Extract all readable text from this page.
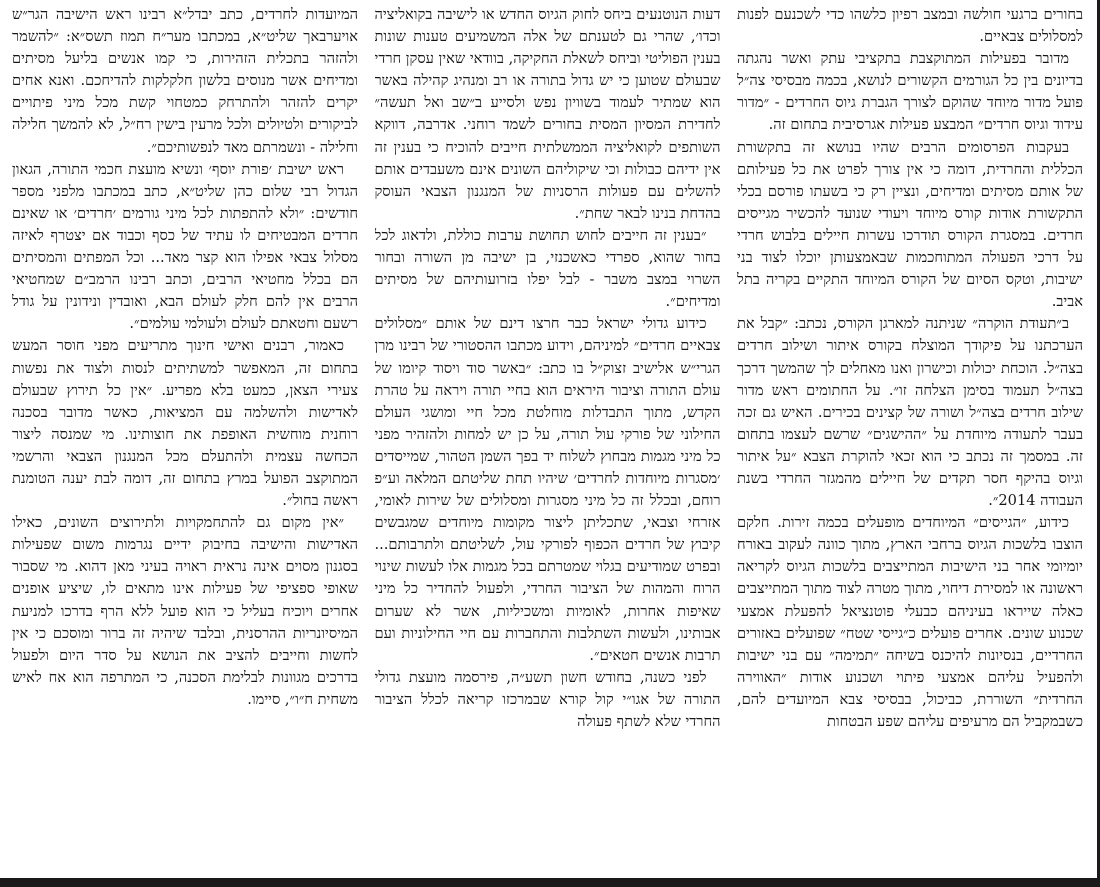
בחורים ברגעי חולשה ובמצב רפיון כלשהו כדי לשכנעם לפנות למסלולים צבאיים.

מדובר בפעילות המתוקצבת בתקציבי עתק ואשר נהגתה בדיונים בין כל הגורמים הקשורים לנושא, בכמה מבסיסי צה״ל פועל מדור מיוחד שהוקם לצורך הגברת גיוס החרדים - ״מדור עידוד וגיוס חרדים״ המבצע פעילות אגרסיבית בתחום זה.

בעקבות הפרסומים הרבים שהיו בנושא זה בתקשורת הכללית והחרדית, דומה כי אין צורך לפרט את כל פעילותם של אותם מסיתים ומדיחים, ונציין רק כי בשעתו פורסם בכלי התקשורת אודות קורס מיוחד ויעודי שנועד להכשיר מגייסים חרדים. במסגרת הקורס תודרכו עשרות חיילים בלבוש חרדי על דרכי הפעולה המתוחכמות שבאמצעותן יוכלו לצוד בני ישיבות, וטקס הסיום של הקורס המיוחד התקיים בקריה בתל אביב.

ב״תעודת הוקרה״ שניתנה למארגן הקורס, נכתב: ״קבל את הערכתנו על פיקודך המוצלח בקורס איתור ושילוב חרדים בצה״ל. הוכחת יכולות וכישרון ואנו מאחלים לך שהמשך דרכך בצה״ל תעמוד בסימן הצלחה זו״. על החתומים ראש מדור שילוב חרדים בצה״ל ושורה של קצינים בכירים. האיש גם זכה בעבר לתעודה מיוחדת על ״ההישגים״ שרשם לעצמו בתחום זה. במסמך זה נכתב כי הוא זכאי להוקרת הצבא ״על איתור וגיוס בהיקף חסר תקדים של חיילים מהמגזר החרדי בשנת העבודה 2014״.

כידוע, ״הגייסים״ המיוחדים מופעלים בכמה זירות. חלקם הוצבו בלשכות הגיוס ברחבי הארץ, מתוך כוונה לעקוב באורח יומיומי אחר בני הישיבות המתייצבים בלשכות הגיוס לקריאה ראשונה או למסירת דיחוי, מתוך מטרה לצוד מתוך המתייצבים כאלה שייראו בעיניהם כבעלי פוטנציאל להפעלת אמצעי שכנוע שונים. אחרים פועלים כ״גייסי שטח״ שפועלים באזורים החרדיים, בנסיונות להיכנס בשיחה ״תמימה״ עם בני ישיבות ולהפעיל עליהם אמצעי פיתוי ושכנוע אודות ״האווירה החרדית״ השוררת, כביכול, בבסיסי צבא המיועדים להם, כשבמקביל הם מרעיפים עליהם שפע הבטחות

דעות הנוטנעים ביחס לחוק הגיוס החדש או לישיבה בקואליציה וכדו׳, שהרי גם לטענתם של אלה המשמיעים טענות שונות בענין הפוליטי וביחס לשאלת החקיקה, בוודאי שאין עסקן חרדי שבעולם שטוען כי יש גדול בתורה או רב ומנהיג קהילה באשר הוא שמתיר לעמוד בשוויון נפש ולסייע ב״שב ואל תעשה״ לחדירת המסיון המסית בחורים לשמד רוחני. אדרבה, דווקא השותפים לקואליציה הממשלתית חייבים להוכיח כי בענין זה אין ידיהם כבולות וכי שיקוליהם השונים אינם משעבדים אותם להשלים עם פעולות הרסניות של המנגנון הצבאי העוסק בהדחת בנינו לבאר שחת״.

״בענין זה חייבים לחוש תחושת ערבות כוללת, ולדאוג לכל בחור שהוא, ספרדי כאשכנזי, בן ישיבה מן השורה ובחור השרוי במצב משבר - לבל יפלו בזרועותיהם של מסיתים ומדיחים״.

כידוע גדולי ישראל כבר חרצו דינם של אותם ״מסלולים צבאיים חרדים״ למיניהם, וידוע מכתבו ההסטורי של רבינו מרן הגרי״ש אלישיב זצוק״ל בו כתב: ״באשר סוד ויסוד קיומו של עולם התורה וציבור היראים הוא בחיי תורה ויראה על טהרת הקדש, מתוך התבדלות מוחלטת מכל חיי ומושגי העולם החילוני של פורקי עול תורה, על כן יש למחות ולהזהיר מפני כל מיני מגמות מבחוץ לשלוח יד בפך השמן הטהור, שמייסדים ׳מסגרות מיוחדות לחרדים׳ שיהיו תחת שליטתם המלאה וע״פ רוחם, ובכלל זה כל מיני מסגרות ומסלולים של שירות לאומי, אזרחי וצבאי, שתכליתן ליצור מקומות מיוחדים שמגבשים קיבוץ של חרדים הכפוף לפורקי עול, לשליטתם ולתרבותם... ובפרט שמודיעים בגלוי שמטרתם בכל מגמות אלו לעשות שינוי הרוח והמהות של הציבור החרדי, ולפעול להחדיר כל מיני שאיפות אחרות, לאומיות ומשכיליות, אשר לא שערום אבותינו, ולעשות השתלבות והתחברות עם חיי החילוניות ועם תרבות אנשים חטאים״.

לפני כשנה, בחודש חשון תשע״ה, פירסמה מועצת גדולי התורה של אגו״י קול קורא שבמרכזו קריאה לכלל הציבור החרדי שלא לשתף פעולה

המיועדות לחרדים, כתב יבדל״א רבינו ראש הישיבה הגר״ש אויערבאך שליט״א, במכתבו מער״ח תמוז תשס״א: ״להשמר ולהזהר בתכלית הזהירות, כי קמו אנשים בליעל מסיתים ומדיחים אשר מנוסים בלשון חלקלקות להדיחכם. ואנא אחים יקרים להזהר ולהתרחק כמטחוי קשת מכל מיני פיתויים לביקורים ולטיולים ולכל מרעין בישין רח״ל, לא להמשך חלילה וחלילה - ונשמרתם מאד לנפשותיכם״.

ראש ישיבת ׳פורת יוסף׳ ונשיא מועצת חכמי התורה, הגאון הגדול רבי שלום כהן שליט״א, כתב במכתבו מלפני מספר חודשים: ״ולא להתפתות לכל מיני גורמים ׳חרדים׳ או שאינם חרדים המבטיחים לו עתיד של כסף וכבוד אם יצטרף לאיזה מסלול צבאי אפילו הוא קצר מאד... וכל המפתים והמסיתים הם בכלל מחטיאי הרבים, וכתב רבינו הרמב״ם שמחטיאי הרבים אין להם חלק לעולם הבא, ואובדין ונידונין על גודל רשעם וחטאתם לעולם ולעולמי עולמים״.

כאמור, רבנים ואישי חינוך מתריעים מפני חוסר המעש בתחום זה, המאפשר למשתיתים לנסות ולצוד את נפשות צעירי הצאן, כמעט בלא מפריע. ״אין כל תירוץ שבעולם לאדישות ולהשלמה עם המציאות, כאשר מדובר בסכנה רוחנית מוחשית האופפת את חוצותינו. מי שמנסה ליצור הכחשה עצמית ולהתעלם מכל המנגנון הצבאי והרשמי המתוקצב הפועל במרץ בתחום זה, דומה לבת יענה הטומנת ראשה בחול״.

״אין מקום גם להתחמקויות ולתירוצים השונים, כאילו האדישות והישיבה בחיבוק ידיים נגרמות משום שפעילות בסגנון מסוים אינה נראית ראויה בעיני מאן דהוא. מי שסבור שאופי ספציפי של פעילות אינו מתאים לו, שיציע אופנים אחרים ויוכיח בעליל כי הוא פועל ללא הרף בדרכו למניעת המיסיונריות ההרסנית, ובלבד שיהיה זה ברור ומוסכם כי אין לחשות וחייבים להציב את הנושא על סדר היום ולפעול בדרכים מגוונות לבלימת הסכנה, כי המתרפה הוא אח לאיש משחית ח״ו״, סיימו.
